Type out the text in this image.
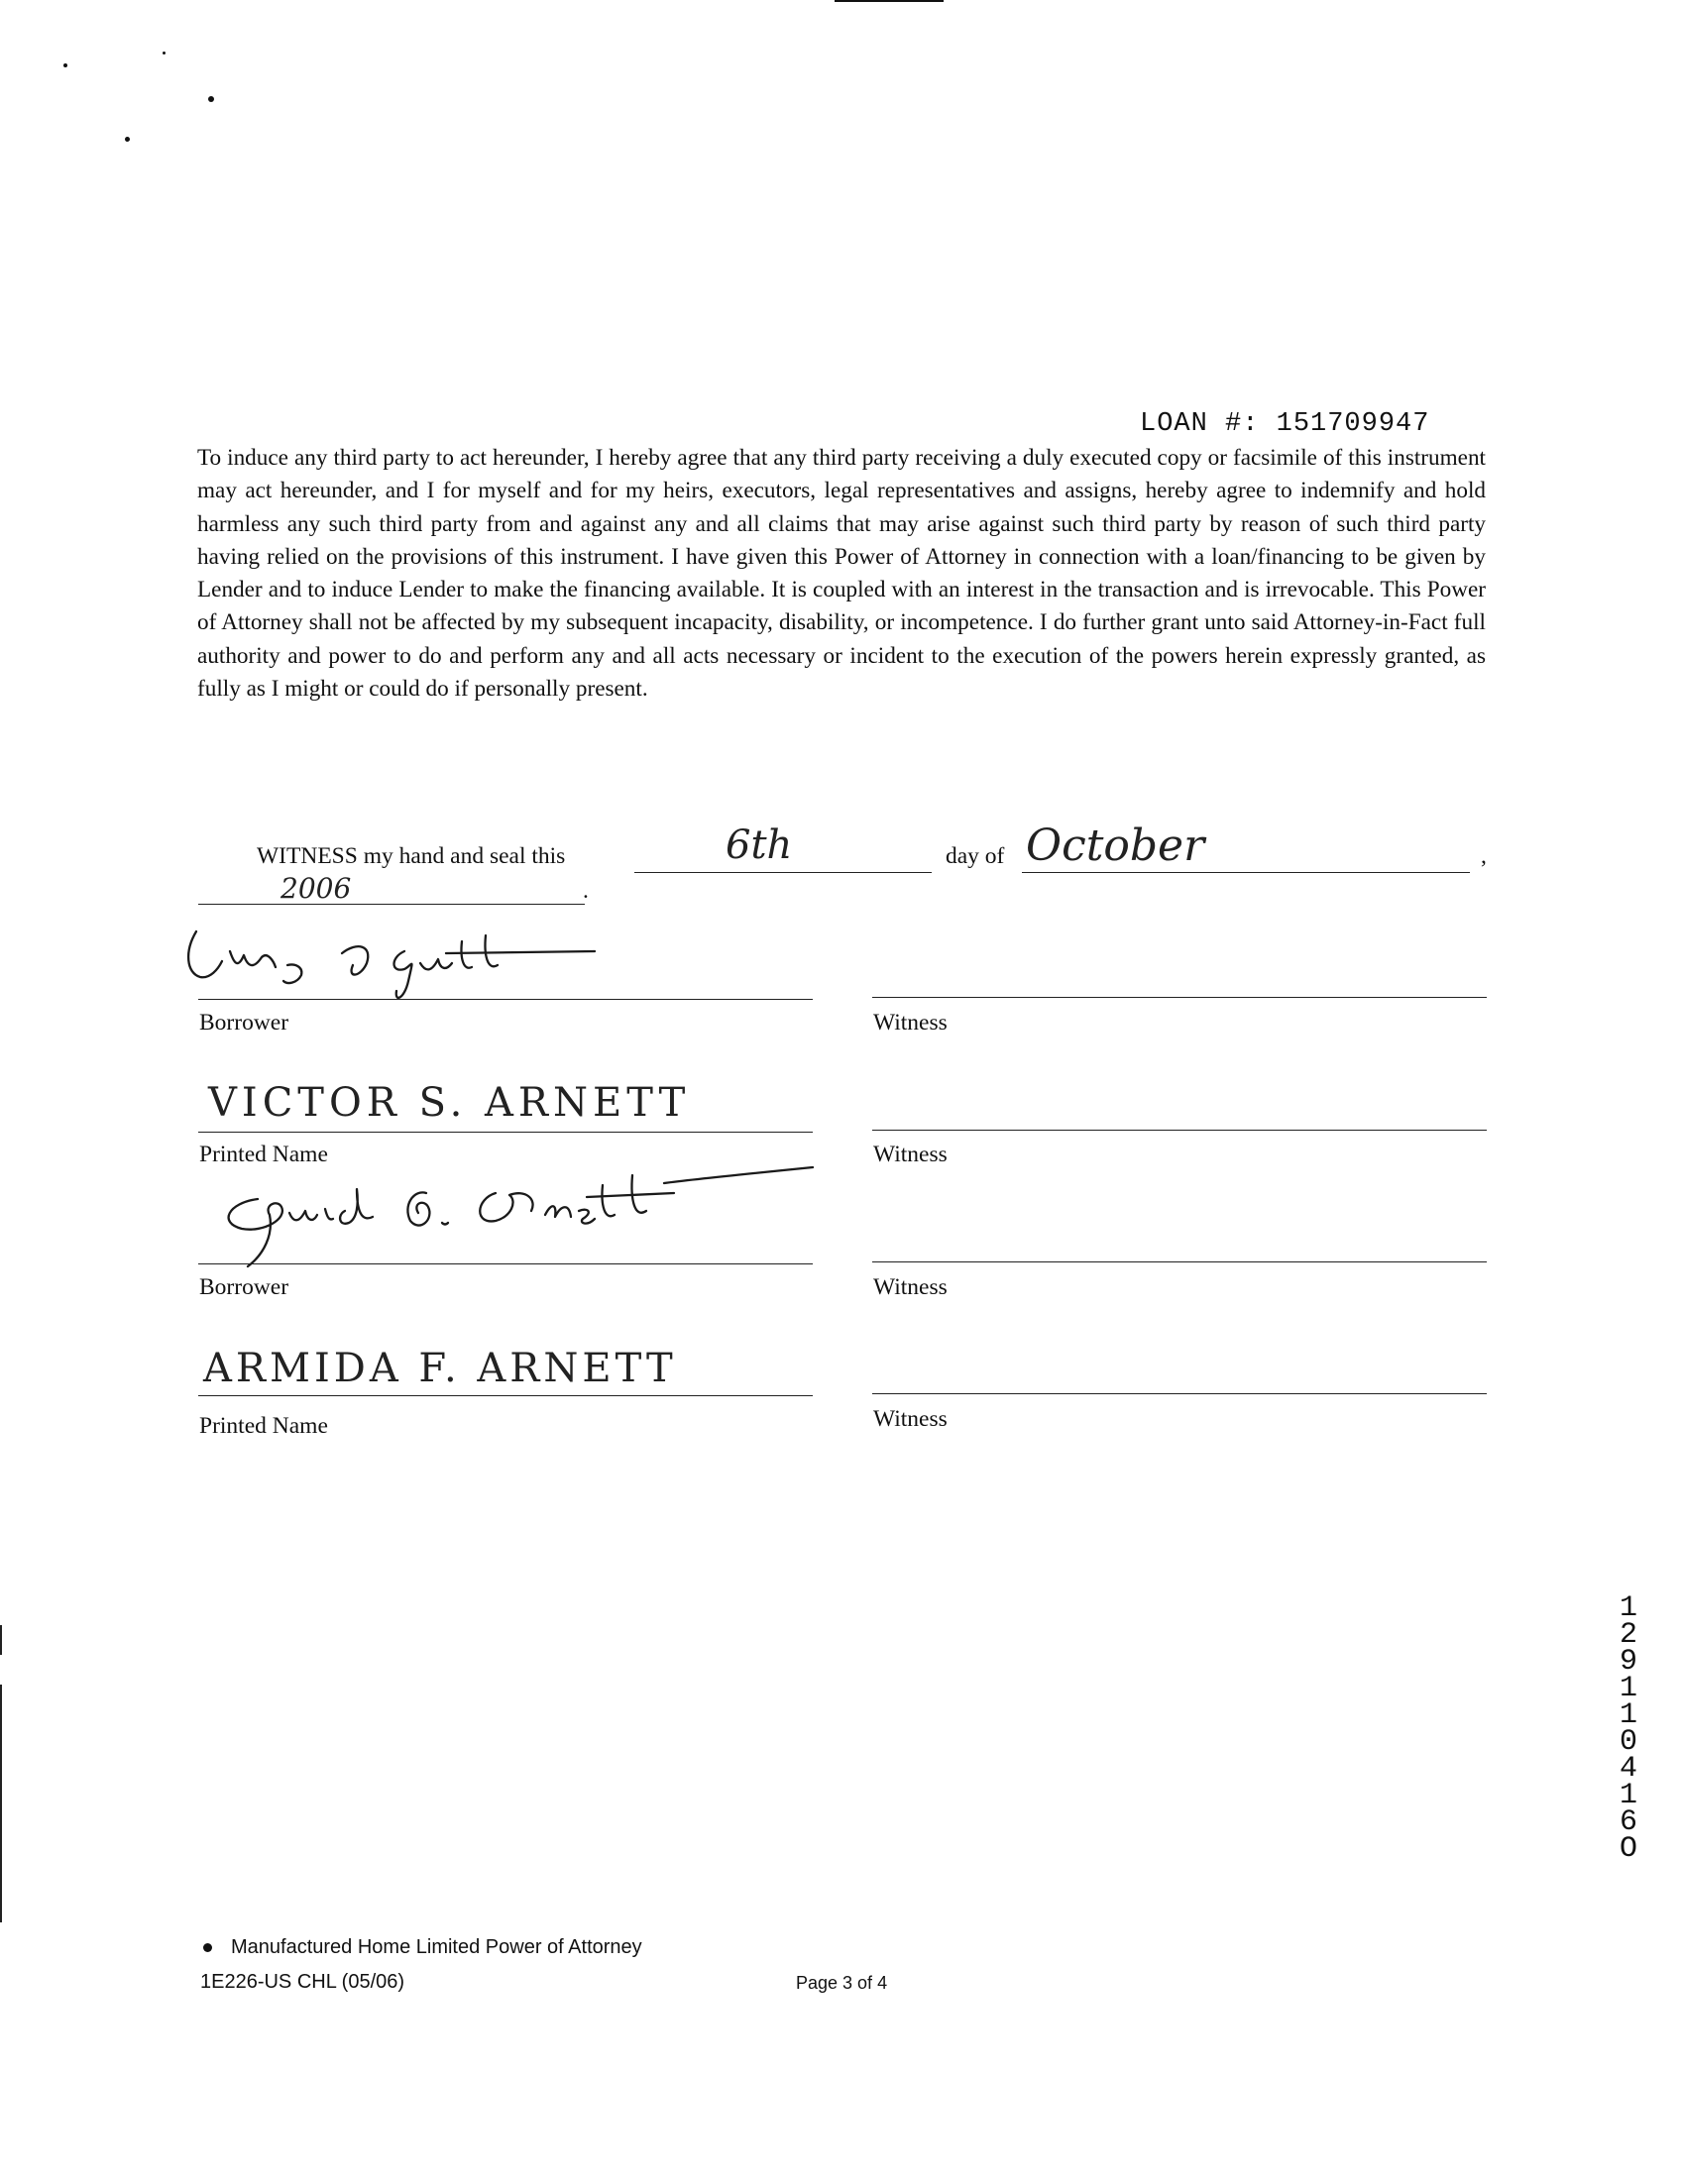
LOAN #: 151709947

To induce any third party to act hereunder, I hereby agree that any third party receiving a duly executed copy or facsimile of this instrument may act hereunder, and I for myself and for my heirs, executors, legal representatives and assigns, hereby agree to indemnify and hold harmless any such third party from and against any and all claims that may arise against such third party by reason of such third party having relied on the provisions of this instrument. I have given this Power of Attorney in connection with a loan/financing to be given by Lender and to induce Lender to make the financing available. It is coupled with an interest in the transaction and is irrevocable. This Power of Attorney shall not be affected by my subsequent incapacity, disability, or incompetence. I do further grant unto said Attorney-in-Fact full authority and power to do and perform any and all acts necessary or incident to the execution of the powers herein expressly granted, as fully as I might or could do if personally present.

WITNESS my hand and seal this	6th	day of October	,
2006	.
Borrower	Witness
VICTOR S. ARNETT
Printed Name	Witness
Borrower	Witness
ARMIDA F. ARNETT
Printed Name	Witness
12911 0416O
Manufactured Home Limited Power of Attorney
1E226-US CHL (05/06)	Page 3 of 4
